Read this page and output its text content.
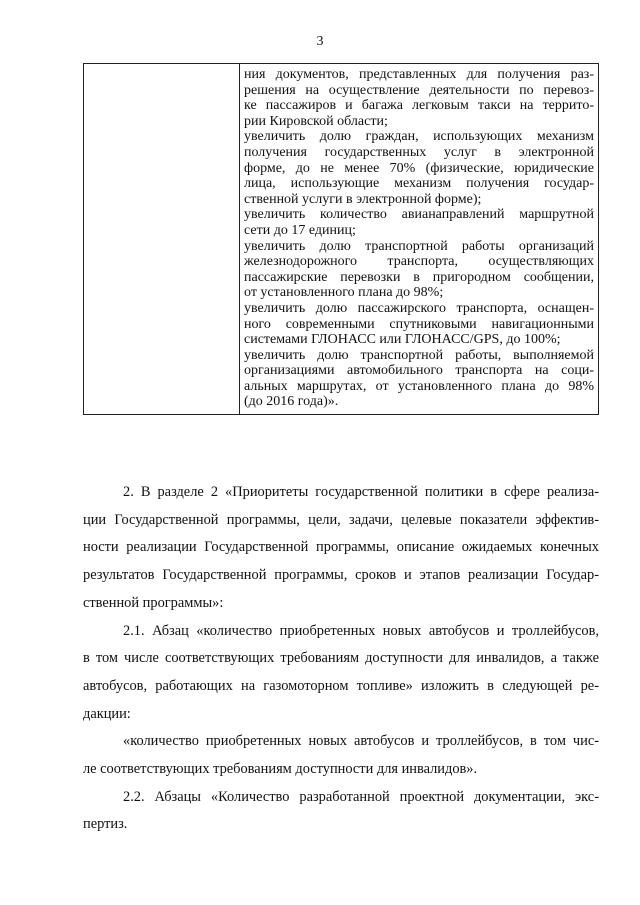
3

ния документов, представленных для получения раз-
решения на осуществление деятельности по перевоз-
ке пассажиров и багажа легковым такси на террито-
рии Кировской области;
увеличить долю граждан, использующих механизм
получения государственных услуг в электронной
форме, до не менее 70% (физические, юридические
лица, использующие механизм получения государ-
ственной услуги в электронной форме);
увеличить количество авианаправлений маршрутной
сети до 17 единиц;
увеличить долю транспортной работы организаций
железнодорожного транспорта, осуществляющих
пассажирские перевозки в пригородном сообщении,
от установленного плана до 98%;
увеличить долю пассажирского транспорта, оснащен-
ного современными спутниковыми навигационными
системами ГЛОНАСС или ГЛОНАСС/GPS, до 100%;
увеличить долю транспортной работы, выполняемой
организациями автомобильного транспорта на соци-
альных маршрутах, от установленного плана до 98%
(до 2016 года)».
2. В разделе 2 «Приоритеты государственной политики в сфере реализа-
ции Государственной программы, цели, задачи, целевые показатели эффектив-
ности реализации Государственной программы, описание ожидаемых конечных
результатов Государственной программы, сроков и этапов реализации Государ-
ственной программы»:
2.1. Абзац «количество приобретенных новых автобусов и троллейбусов,
в том числе соответствующих требованиям доступности для инвалидов, а также
автобусов, работающих на газомоторном топливе» изложить в следующей ре-
дакции:
«количество приобретенных новых автобусов и троллейбусов, в том чис-
ле соответствующих требованиям доступности для инвалидов».
2.2. Абзацы «Количество разработанной проектной документации, экс-
пертиз.
